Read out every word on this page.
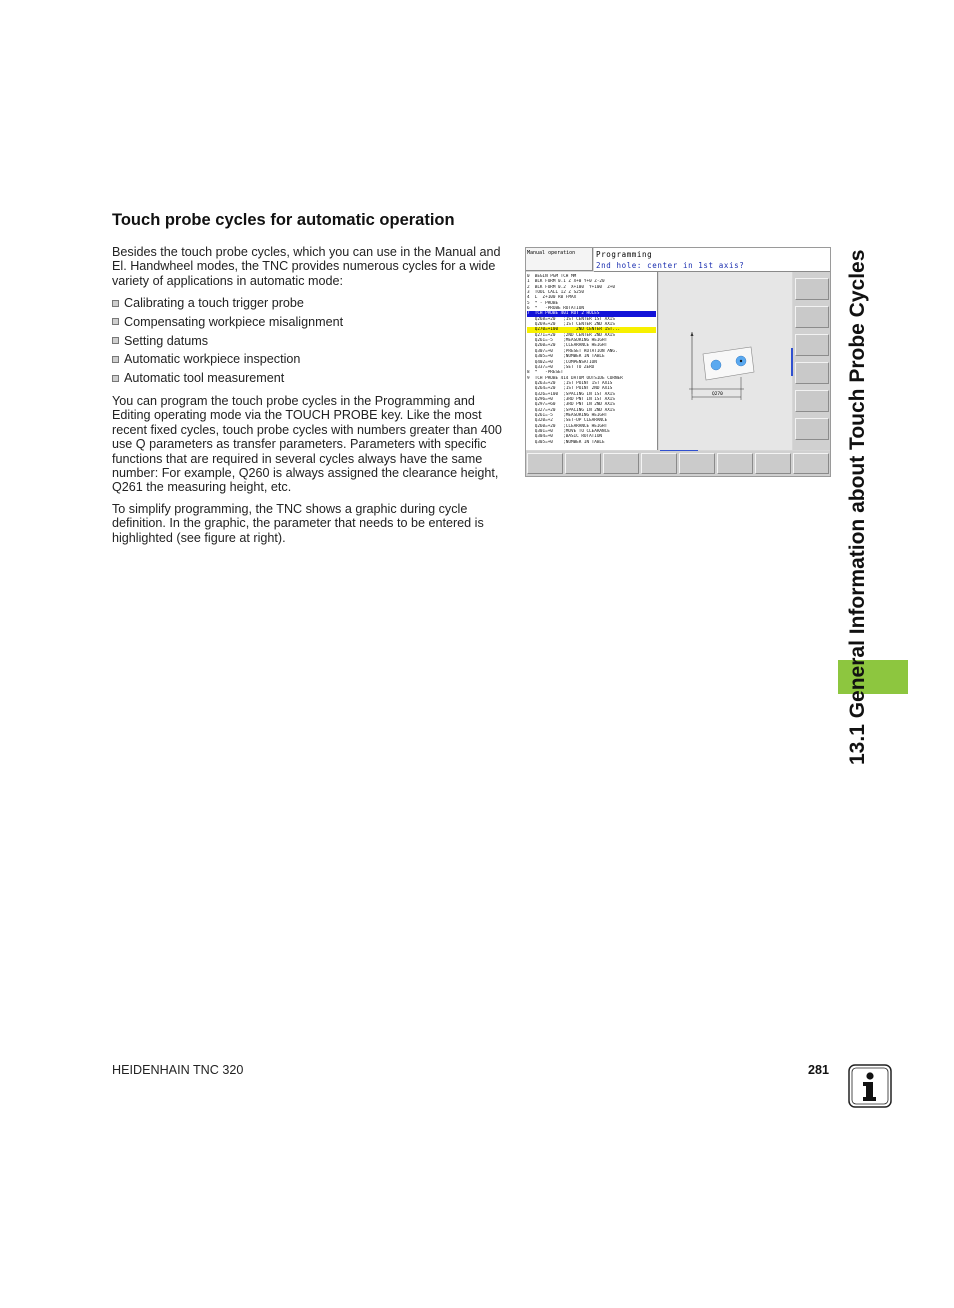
Touch probe cycles for automatic operation

Besides the touch probe cycles, which you can use in the Manual and El. Handwheel modes, the TNC provides numerous cycles for a wide variety of applications in automatic mode:

Calibrating a touch trigger probe
Compensating workpiece misalignment
Setting datums
Automatic workpiece inspection
Automatic tool measurement

You can program the touch probe cycles in the Programming and Editing operating mode via the TOUCH PROBE key. Like the most recent fixed cycles, touch probe cycles with numbers greater than 400 use Q parameters as transfer parameters. Parameters with specific functions that are required in several cycles always have the same number: For example, Q260 is always assigned the clearance height, Q261 the measuring height, etc.

To simplify programming, the TNC shows a graphic during cycle definition. In the graphic, the parameter that needs to be entered is highlighted (see figure at right).

Manual operation	Programming
2nd hole: center in 1st axis?
0  BEGIN PGM TCH MM
1  BLK FORM 0.1 Z X+0 Y+0 Z-20
2  BLK FORM 0.2  X+100  Y+100  Z+0
3  TOOL CALL 12 Z S250
4  L  Z+100 R0 FMAX
5  * - PROBE
6  *   -PROBE ROTATION
7  TCH PROBE 401 ROT 2 HOLES
Q268=+20   ;1ST CENTER 1ST AXIS
Q269=+20   ;1ST CENTER 2ND AXIS
Q270=+100       2ND CENTER 1ST...
Q271=+20   ;2ND CENTER 2ND AXIS
Q261=-5    ;MEASURING HEIGHT
Q260=+20   ;CLEARANCE HEIGHT
Q307=+0    ;PRESET ROTATION ANG.
Q305=+0    ;NUMBER IN TABLE
Q402=+0    ;COMPENSATION
Q337=+0    ;SET TO ZERO
8  *   -PRESET
9  TCH PROBE 414 DATUM OUTSIDE CORNER
Q263=+20   ;1ST POINT 1ST AXIS
Q264=+20   ;1ST POINT 2ND AXIS
Q326=+100  ;SPACING IN 1ST AXIS
Q296=+0    ;3RD PNT IN 1ST AXIS
Q297=+60   ;3RD PNT IN 2ND AXIS
Q327=+20   ;SPACING IN 2ND AXIS
Q261=-5    ;MEASURING HEIGHT
Q320=+2    ;SET-UP CLEARANCE
Q260=+20   ;CLEARANCE HEIGHT
Q301=+0    ;MOVE TO CLEARANCE
Q304=+0    ;BASIC ROTATION
Q305=+0    ;NUMBER IN TABLE
Q270	13.1 General Information about Touch Probe Cycles
HEIDENHAIN TNC 320	281
